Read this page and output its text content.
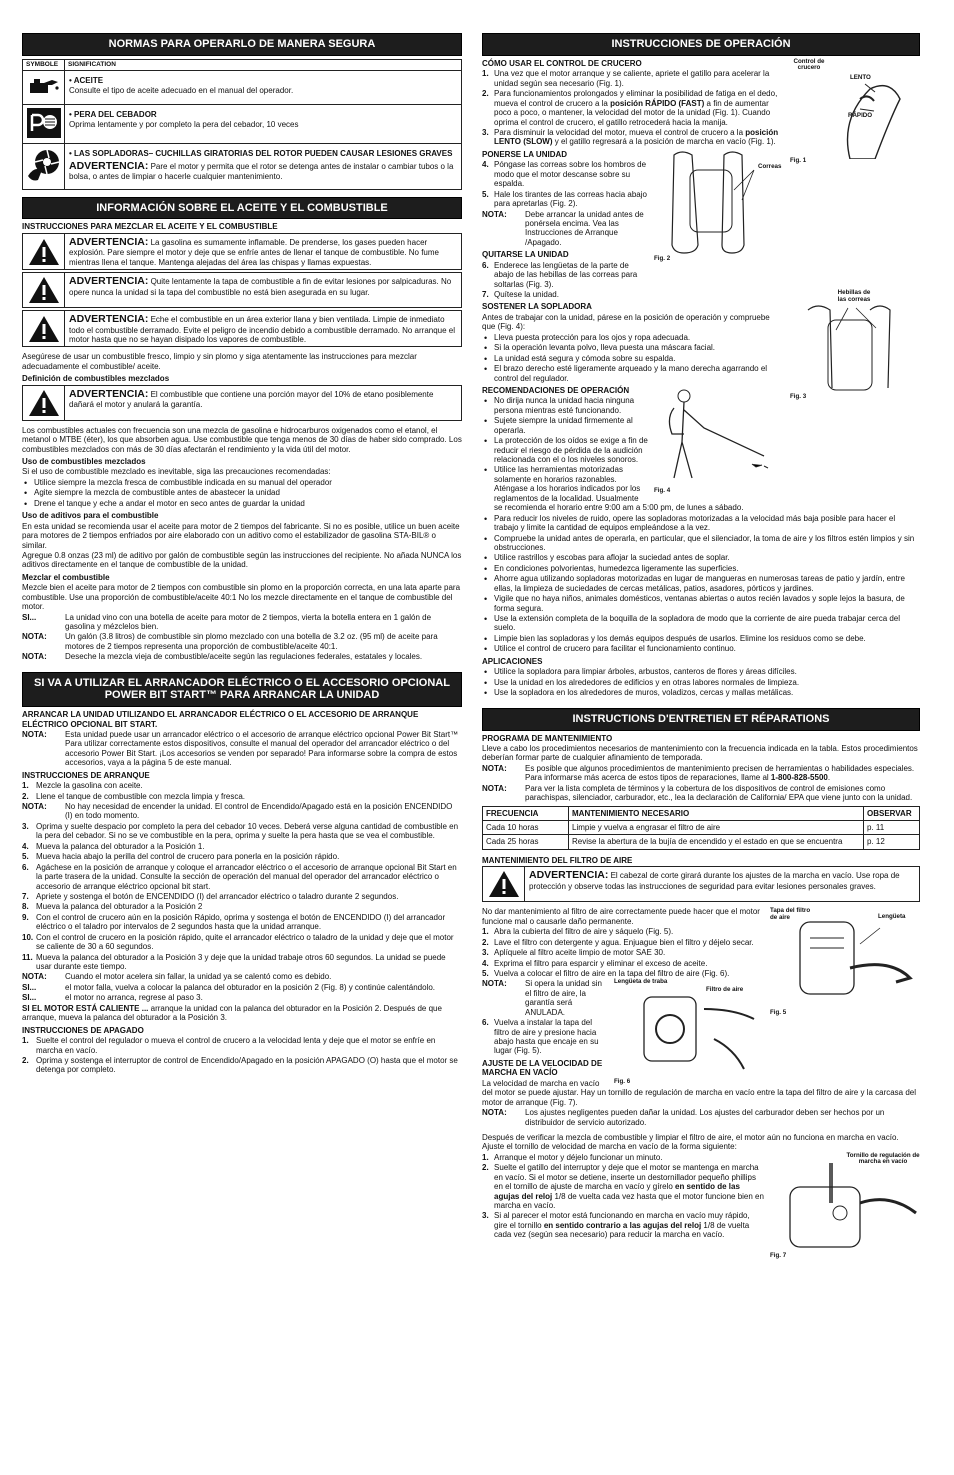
NORMAS PARA OPERARLO DE MANERA SEGURA
SYMBOLE	SIGNIFICATION

• ACEITE

Consulte el tipo de aceite adecuado en el manual del operador.

• PERA DEL CEBADOR

Oprima lentamente y por completo la pera del cebador, 10 veces

• LAS SOPLADORAS– CUCHILLAS GIRATORIAS DEL ROTOR PUEDEN CAUSAR LESIONES GRAVES

ADVERTENCIA: Pare el motor y permita que el rotor se detenga antes de instalar o cambiar tubos o la bolsa, o antes de limpiar o hacerle cualquier mantenimiento.

INFORMACIÓN SOBRE EL ACEITE Y EL COMBUSTIBLE
INSTRUCCIONES PARA MEZCLAR EL ACEITE Y EL COMBUSTIBLE
ADVERTENCIA: La gasolina es sumamente inflamable. De prenderse, los gases pueden hacer explosión. Pare siempre el motor y deje que se enfríe antes de llenar el tanque de combustible. No fume mientras llena el tanque. Mantenga alejadas del área las chispas y llamas expuestas.
ADVERTENCIA: Quite lentamente la tapa de combustible a fin de evitar lesiones por salpicaduras. No opere nunca la unidad si la tapa del combustible no está bien asegurada en su lugar.
ADVERTENCIA: Eche el combustible en un área exterior llana y bien ventilada. Limpie de inmediato todo el combustible derramado. Evite el peligro de incendio debido a combustible derramado. No arranque el motor hasta que no se hayan disipado los vapores de combustible.

Asegúrese de usar un combustible fresco, limpio y sin plomo y siga atentamente las instrucciones para mezclar adecuadamente el combustible/ aceite.

Definición de combustibles mezclados
ADVERTENCIA: El combustible que contiene una porción mayor del 10% de etano posiblemente dañará el motor y anulará la garantía.

Los combustibles actuales con frecuencia son una mezcla de gasolina e hidrocarburos oxigenados como el etanol, el metanol o MTBE (éter), los que absorben agua. Use combustible que tenga menos de 30 días de haber sido comprado. Los combustibles mezclados con más de 30 días afectarán el rendimiento y la vida útil del motor.

Uso de combustibles mezclados

Si el uso de combustible mezclado es inevitable, siga las precauciones recomendadas:

• Utilice siempre la mezcla fresca de combustible indicada en su manual del operador
• Agite siempre la mezcla de combustible antes de abastecer la unidad
• Drene el tanque y eche a andar el motor en seco antes de guardar la unidad
Uso de aditivos para el combustible

En esta unidad se recomienda usar el aceite para motor de 2 tiempos del fabricante. Si no es posible, utilice un buen aceite para motores de 2 tiempos enfriados por aire elaborado con un aditivo como el estabilizador de gasolina STA-BIL® o similar.

Agregue 0.8 onzas (23 ml) de aditivo por galón de combustible según las instrucciones del recipiente. No añada NUNCA los aditivos directamente en el tanque de combustible de la unidad.

Mezclar el combustible

Mezcle bien el aceite para motor de 2 tiempos con combustible sin plomo en la proporción correcta, en una lata aparte para combustible. Use una proporción de combustible/aceite 40:1 No los mezcle directamente en el tanque de combustible del motor.

SI...	La unidad vino con una botella de aceite para motor de 2 tiempos, vierta la botella entera en 1 galón de gasolina y mézclelos bien.
NOTA:	Un galón (3.8 litros) de combustible sin plomo mezclado con una botella de 3.2 oz. (95 ml) de aceite para motores de 2 tiempos representa una proporción de combustible/aceite 40:1.
NOTA:	Deseche la mezcla vieja de combustible/aceite según las regulaciones federales, estatales y locales.
SI VA A UTILIZAR EL ARRANCADOR ELÉCTRICO O EL ACCESORIO OPCIONAL POWER BIT START™ PARA ARRANCAR LA UNIDAD
ARRANCAR LA UNIDAD UTILIZANDO EL ARRANCADOR ELÉCTRICO O EL ACCESORIO DE ARRANQUE ELÉCTRICO OPCIONAL BIT START.
NOTA:	Esta unidad puede usar un arrancador eléctrico o el accesorio de arranque eléctrico opcional Power Bit Start™ Para utilizar correctamente estos dispositivos, consulte el manual del operador del arrancador eléctrico o del accesorio Power Bit Start. ¡Los accesorios se venden por separado! Para informarse sobre la compra de estos accesorios, vaya a la página 5 de este manual.
INSTRUCCIONES DE ARRANQUE
1. Mezcle la gasolina con aceite.
2. Llene el tanque de combustible con mezcla limpia y fresca.
NOTA:	No hay necesidad de encender la unidad. El control de Encendido/Apagado está en la posición ENCENDIDO (I) en todo momento.
3. Oprima y suelte despacio por completo la pera del cebador 10 veces. Deberá verse alguna cantidad de combustible en la pera del cebador. Si no se ve combustible en la pera, oprima y suelte la pera hasta que se vea el combustible.
4. Mueva la palanca del obturador a la Posición 1.
5. Mueva hacia abajo la perilla del control de crucero para ponerla en la posición rápido.
6. Agáchese en la posición de arranque y coloque el arrancador eléctrico o el accesorio de arranque opcional Bit Start en la parte trasera de la unidad. Consulte la sección de operación del manual del operador del arrancador eléctrico o accesorio de arranque eléctrico opcional bit start.
7. Apriete y sostenga el botón de ENCENDIDO (I) del arrancador eléctrico o taladro durante 2 segundos.
8. Mueva la palanca del obturador a la Posición 2
9. Con el control de crucero aún en la posición Rápido, oprima y sostenga el botón de ENCENDIDO (I) del arrancador eléctrico o el taladro por intervalos de 2 segundos hasta que la unidad arranque.
10. Con el control de crucero en la posición rápido, quite el arrancador eléctrico o taladro de la unidad y deje que el motor se caliente de 30 a 60 segundos.
11. Mueva la palanca del obturador a la Posición 3 y deje que la unidad trabaje otros 60 segundos. La unidad se puede usar durante este tiempo.
NOTA:	Cuando el motor acelera sin fallar, la unidad ya se calentó como es debido.
SI...	el motor falla, vuelva a colocar la palanca del obturador en la posición 2 (Fig. 8) y continúe calentándolo.
SI...	el motor no arranca, regrese al paso 3.

SI EL MOTOR ESTÁ CALIENTE ... arranque la unidad con la palanca del obturador en la Posición 2. Después de que arranque, mueva la palanca del obturador a la Posición 3.

INSTRUCCIONES DE APAGADO
1. Suelte el control del regulador o mueva el control de crucero a la velocidad lenta y deje que el motor se enfríe en marcha en vacío.
2. Oprima y sostenga el interruptor de control de Encendido/Apagado en la posición APAGADO (O) hasta que el motor se detenga por completo.
INSTRUCCIONES DE OPERACIÓN
Control de crucero
LENTO
RÁPIDO
Fig. 1
CÓMO USAR EL CONTROL DE CRUCERO
1. Una vez que el motor arranque y se caliente, apriete el gatillo para acelerar la unidad según sea necesario (Fig. 1).
2. Para funcionamientos prolongados y eliminar la posibilidad de fatiga en el dedo, mueva el control de crucero a la posición RÁPIDO (FAST) a fin de aumentar poco a poco, o mantener, la velocidad del motor de la unidad (Fig. 1). Cuando oprima el control de crucero, el gatillo retrocederá hacia la manija.
3. Para disminuir la velocidad del motor, mueva el control de crucero a la posición LENTO (SLOW) y el gatillo regresará a la posición de marcha en vacío (Fig. 1).
Correas
Fig. 2
PONERSE LA UNIDAD
4. Póngase las correas sobre los hombros de modo que el motor descanse sobre su espalda.
5. Hale los tirantes de las correas hacia abajo para apretarlas (Fig. 2).
NOTA:	Debe arrancar la unidad antes de ponérsela encima. Vea las Instrucciones de Arranque /Apagado.
QUITARSE LA UNIDAD
6. Enderece las lengüetas de la parte de abajo de las hebillas de las correas para soltarlas (Fig. 3).
Hebillas de las correas
Fig. 3
7. Quítese la unidad.
SOSTENER LA SOPLADORA

Antes de trabajar con la unidad, párese en la posición de operación y compruebe que (Fig. 4):

• Lleva puesta protección para los ojos y ropa adecuada.
• Si la operación levanta polvo, lleva puesta una máscara facial.
• La unidad está segura y cómoda sobre su espalda.
• El brazo derecho esté ligeramente arqueado y la mano derecha agarrando el control del regulador.
Fig. 4
RECOMENDACIONES DE OPERACIÓN
• No dirija nunca la unidad hacia ninguna persona mientras esté funcionando.
• Sujete siempre la unidad firmemente al operarla.
• La protección de los oídos se exige a fin de reducir el riesgo de pérdida de la audición relacionada con el o los niveles sonoros.
• Utilice las herramientas motorizadas solamente en horarios razonables. Aténgase a los horarios indicados por los reglamentos de la localidad. Usualmente se recomienda el horario entre 9:00 am a 5:00 pm, de lunes a sábado.
• Para reducir los niveles de ruido, opere las sopladoras motorizadas a la velocidad más baja posible para hacer el trabajo y limite la cantidad de equipos empleándose a la vez.
• Compruebe la unidad antes de operarla, en particular, que el silenciador, la toma de aire y los filtros estén limpios y sin obstrucciones.
• Utilice rastrillos y escobas para aflojar la suciedad antes de soplar.
• En condiciones polvorientas, humedezca ligeramente las superficies.
• Ahorre agua utilizando sopladoras motorizadas en lugar de mangueras en numerosas tareas de patio y jardín, entre ellas, la limpieza de suciedades de cercas metálicas, patios, asadores, pórticos y jardines.
• Vigile que no haya niños, animales domésticos, ventanas abiertas o autos recién lavados y sople lejos la basura, de forma segura.
• Use la extensión completa de la boquilla de la sopladora de modo que la corriente de aire pueda trabajar cerca del suelo.
• Limpie bien las sopladoras y los demás equipos después de usarlos. Elimine los residuos como se debe.
• Utilice el control de crucero para facilitar el funcionamiento continuo.
APLICACIONES
• Utilice la sopladora para limpiar árboles, arbustos, canteros de flores y áreas difíciles.
• Use la unidad en los alrededores de edificios y en otras labores normales de limpieza.
• Use la sopladora en los alrededores de muros, voladizos, cercas y mallas metálicas.
INSTRUCTIONS D'ENTRETIEN ET RÉPARATIONS
PROGRAMA DE MANTENIMIENTO

Lleve a cabo los procedimientos necesarios de mantenimiento con la frecuencia indicada en la tabla. Estos procedimientos deberían formar parte de cualquier afinamiento de temporada.

NOTA:	Es posible que algunos procedimientos de mantenimiento precisen de herramientas o habilidades especiales. Para informarse más acerca de estos tipos de reparaciones, llame al 1-800-828-5500.
NOTA:	Para ver la lista completa de términos y la cobertura de los dispositivos de control de emisiones como parachispas, silenciador, carburador, etc., lea la declaración de California/ EPA que viene junto con la unidad.
FRECUENCIA	MANTENIMIENTO NECESARIO	OBSERVAR
Cada 10 horas	Limpie y vuelva a engrasar el filtro de aire	p. 11
Cada 25 horas	Revise la abertura de la bujía de encendido y el estado en que se encuentra	p. 12
MANTENIMIENTO DEL FILTRO DE AIRE
ADVERTENCIA: El cabezal de corte girará durante los ajustes de la marcha en vacío. Use ropa de protección y observe todas las instrucciones de seguridad para evitar lesiones personales graves.
Tapa del filtro de aire	Lengüeta
Fig. 5

No dar mantenimiento al filtro de aire correctamente puede hacer que el motor funcione mal o causarle daño permanente.

1. Abra la cubierta del filtro de aire y sáquelo (Fig. 5).
2. Lave el filtro con detergente y agua. Enjuague bien el filtro y déjelo secar.
3. Aplíquele al filtro aceite limpio de motor SAE 30.
4. Exprima el filtro para esparcir y eliminar el exceso de aceite.
5. Vuelva a colocar el filtro de aire en la tapa del filtro de aire (Fig. 6).
Lengüeta de traba
Filtro de aire
Fig. 6
NOTA:	Si opera la unidad sin el filtro de aire, la garantía será ANULADA.
6. Vuelva a instalar la tapa del filtro de aire y presione hacia abajo hasta que encaje en su lugar (Fig. 5).
AJUSTE DE LA VELOCIDAD DE MARCHA EN VACÍO

La velocidad de marcha en vacío del motor se puede ajustar. Hay un tornillo de regulación de marcha en vacío entre la tapa del filtro de aire y la carcasa del motor de arranque (Fig. 7).

NOTA:	Los ajustes negligentes pueden dañar la unidad. Los ajustes del carburador deben ser hechos por un distribuidor de servicio autorizado.

Después de verificar la mezcla de combustible y limpiar el filtro de aire, el motor aún no funciona en marcha en vacío. Ajuste el tornillo de velocidad de marcha en vacío de la forma siguiente:

Tornillo de regulación de marcha en vacío
Fig. 7
1. Arranque el motor y déjelo funcionar un minuto.
2. Suelte el gatillo del interruptor y deje que el motor se mantenga en marcha en vacío. Si el motor se detiene, inserte un destornillador pequeño phillips en el tornillo de ajuste de marcha en vacío y gírelo en sentido de las agujas del reloj 1/8 de vuelta cada vez hasta que el motor funcione bien en marcha en vacío.
3. Si al parecer el motor está funcionando en marcha en vacío muy rápido, gire el tornillo en sentido contrario a las agujas del reloj 1/8 de vuelta cada vez (según sea necesario) para reducir la marcha en vacío.
